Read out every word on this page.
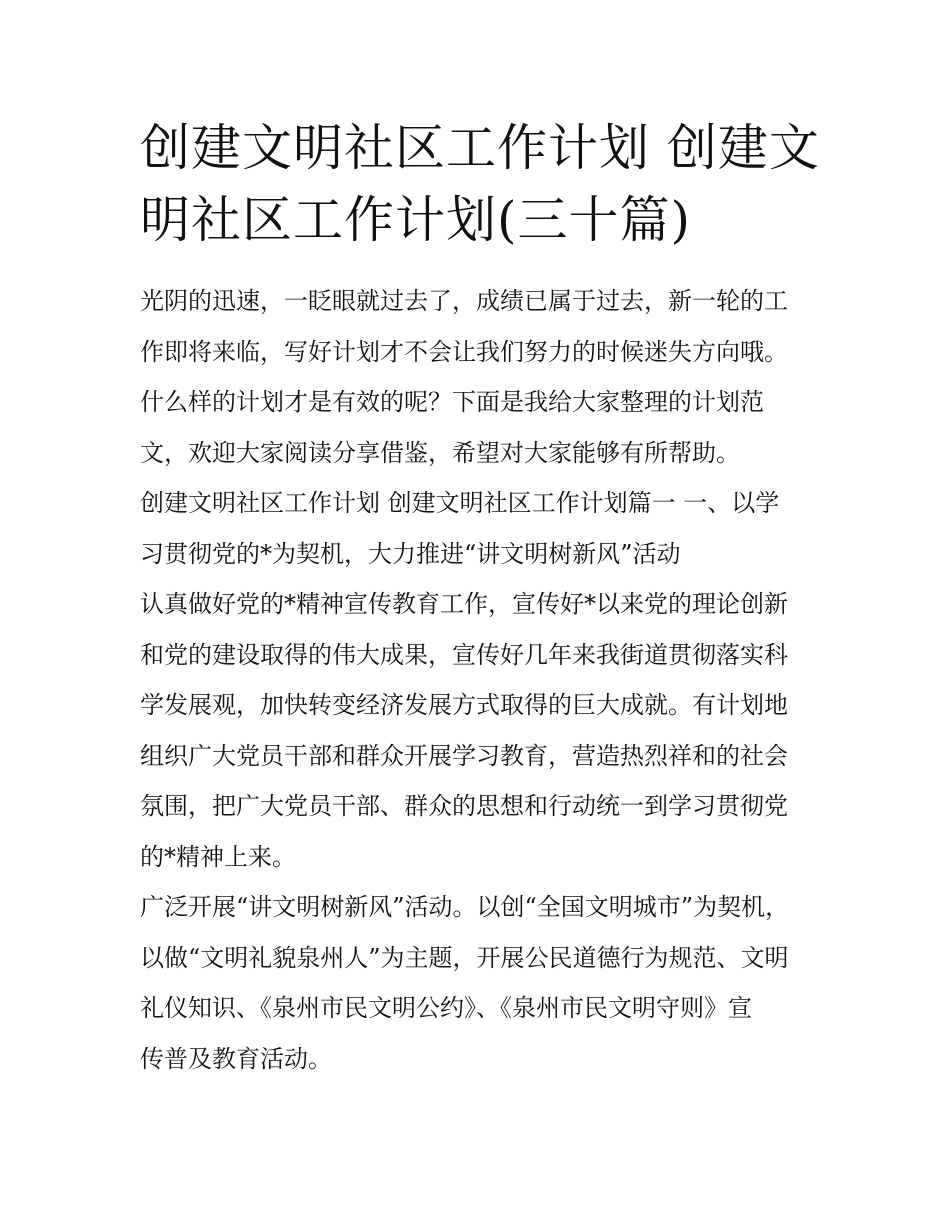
创建文明社区工作计划 创建文
明社区工作计划(三十篇)

光阴的迅速，一眨眼就过去了，成绩已属于过去，新一轮的工
作即将来临，写好计划才不会让我们努力的时候迷失方向哦。
什么样的计划才是有效的呢？下面是我给大家整理的计划范
文，欢迎大家阅读分享借鉴，希望对大家能够有所帮助。

创建文明社区工作计划 创建文明社区工作计划篇一 一、以学
习贯彻党的*为契机，大力推进“讲文明树新风”活动

认真做好党的*精神宣传教育工作，宣传好*以来党的理论创新
和党的建设取得的伟大成果，宣传好几年来我街道贯彻落实科
学发展观，加快转变经济发展方式取得的巨大成就。有计划地
组织广大党员干部和群众开展学习教育，营造热烈祥和的社会
氛围，把广大党员干部、群众的思想和行动统一到学习贯彻党
的*精神上来。

广泛开展“讲文明树新风”活动。以创“全国文明城市”为契机，
以做“文明礼貌泉州人”为主题，开展公民道德行为规范、文明
礼仪知识、《泉州市民文明公约》、《泉州市民文明守则》宣
传普及教育活动。
